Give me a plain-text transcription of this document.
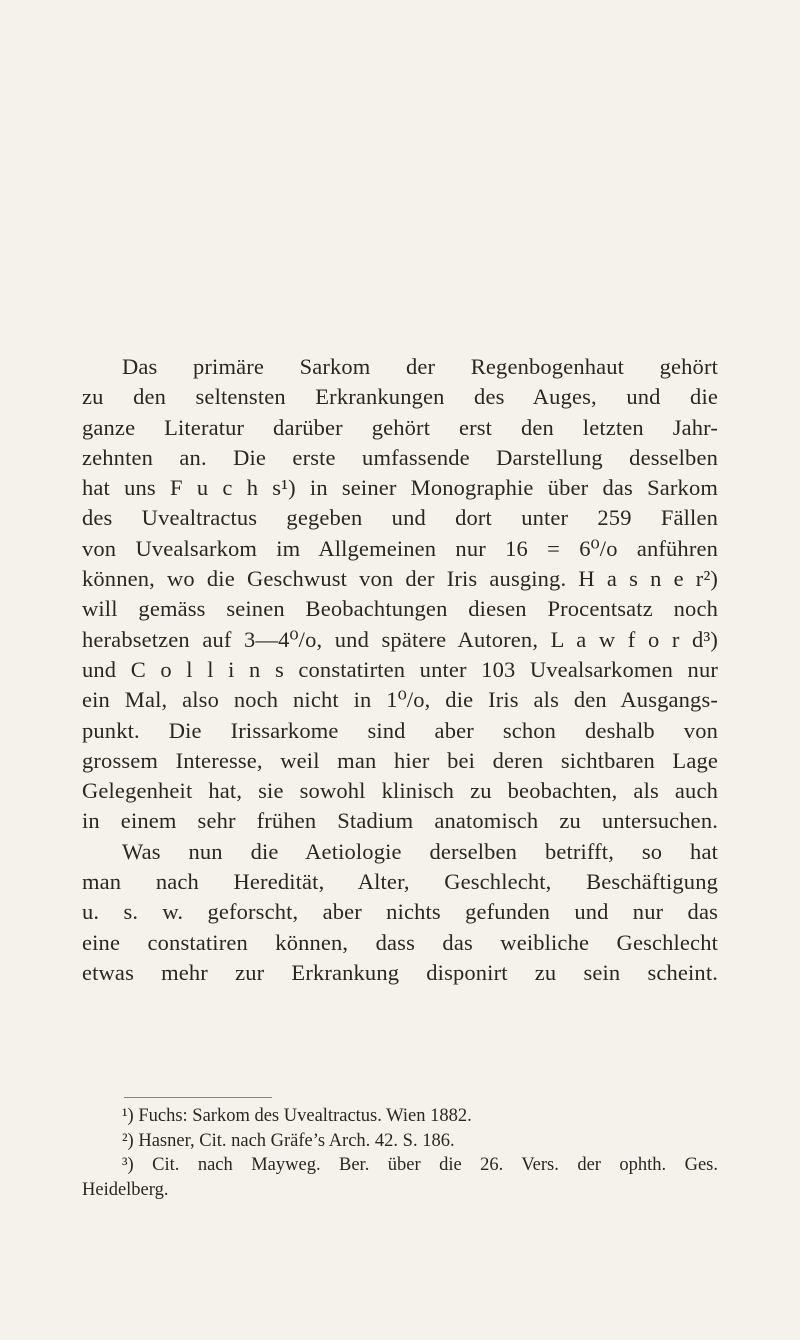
Das primäre Sarkom der Regenbogenhaut gehört
zu den seltensten Erkrankungen des Auges, und die
ganze Literatur darüber gehört erst den letzten Jahr-
zehnten an. Die erste umfassende Darstellung desselben
hat uns F u c h s¹) in seiner Monographie über das Sarkom
des Uvealtractus gegeben und dort unter 259 Fällen
von Uvealsarkom im Allgemeinen nur 16 = 6⁰/o anführen
können, wo die Geschwust von der Iris ausging. H a s n e r²)
will gemäss seinen Beobachtungen diesen Procentsatz noch
herabsetzen auf 3—4⁰/o, und spätere Autoren, L a w f o r d³)
und C o l l i n s constatirten unter 103 Uvealsarkomen nur
ein Mal, also noch nicht in 1⁰/o, die Iris als den Ausgangs-
punkt. Die Irissarkome sind aber schon deshalb von
grossem Interesse, weil man hier bei deren sichtbaren Lage
Gelegenheit hat, sie sowohl klinisch zu beobachten, als auch
in einem sehr frühen Stadium anatomisch zu untersuchen.
Was nun die Aetiologie derselben betrifft, so hat
man nach Heredität, Alter, Geschlecht, Beschäftigung
u. s. w. geforscht, aber nichts gefunden und nur das
eine constatiren können, dass das weibliche Geschlecht
etwas mehr zur Erkrankung disponirt zu sein scheint.
¹) Fuchs: Sarkom des Uvealtractus. Wien 1882.
²) Hasner, Cit. nach Gräfe’s Arch. 42. S. 186.
³) Cit. nach Mayweg. Ber. über die 26. Vers. der ophth. Ges.
Heidelberg.
